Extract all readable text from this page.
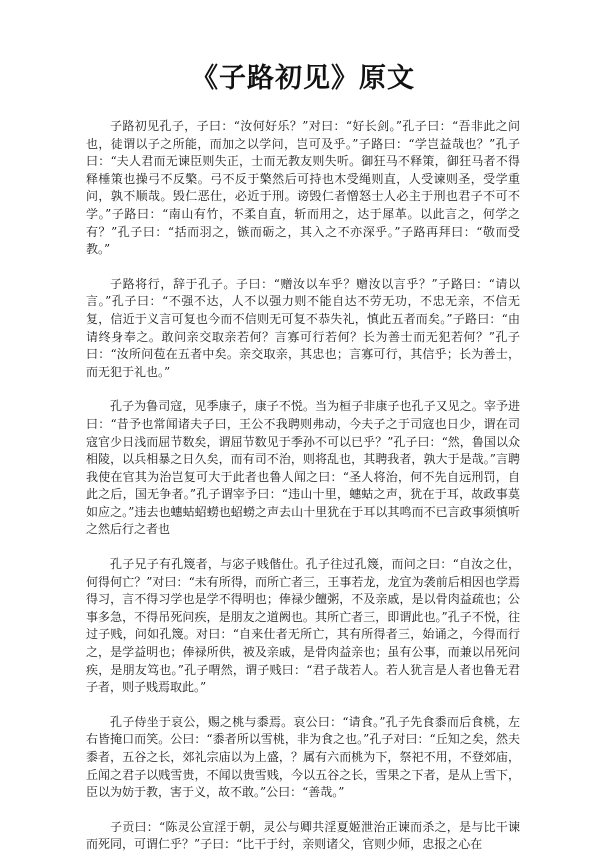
《子路初见》原文

子路初见孔子，子曰：“汝何好乐？”对曰：“好长剑。”孔子曰：“吾非此之问也，徒谓以子之所能，而加之以学问，岂可及乎。”子路曰：“学岂益哉也？”孔子曰：“夫人君而无谏臣则失正，士而无教友则失听。御狂马不释策，御狂马者不得释棰策也操弓不反檠。弓不反于檠然后可持也木受绳则直，人受谏则圣，受学重问，孰不顺哉。毁仁恶仕，必近于刑。谤毁仁者憎怒士人必主于刑也君子不可不学。”子路曰：“南山有竹，不柔自直，斩而用之，达于犀革。以此言之，何学之有？”孔子曰：“括而羽之，镞而砺之，其入之不亦深乎。”子路再拜曰：“敬而受教。”

子路将行，辞于孔子。子曰：“赠汝以车乎？赠汝以言乎？”子路曰：“请以言。”孔子曰：“不强不达，人不以强力则不能自达不劳无功，不忠无亲，不信无复，信近于义言可复也今而不信则无可复不恭失礼，慎此五者而矣。”子路曰：“由请终身奉之。敢问亲交取亲若何？言寡可行若何？长为善士而无犯若何？”孔子曰：“汝所问苞在五者中矣。亲交取亲，其忠也；言寡可行，其信乎；长为善士，而无犯于礼也。”

孔子为鲁司寇，见季康子，康子不悦。当为桓子非康子也孔子又见之。宰予进曰：“昔予也常闻诸夫子曰，王公不我聘则弗动，今夫子之于司寇也日少，谓在司寇官少日浅而屈节数矣，谓屈节数见于季孙不可以已乎？”孔子曰：“然，鲁国以众相陵，以兵相暴之日久矣，而有司不治，则将乱也，其聘我者，孰大于是哉。”言聘我使在官其为治岂复可大于此者也鲁人闻之曰：“圣人将治，何不先自远刑罚，自此之后，国无争者。”孔子谓宰予曰：“违山十里，蟪蛄之声，犹在于耳，故政事莫如应之。”违去也蟪蛄蛁蟧也蛁蟧之声去山十里犹在于耳以其鸣而不已言政事须慎听之然后行之者也

孔子兄子有孔篾者，与宓子贱偕仕。孔子往过孔篾，而问之曰：“自汝之仕，何得何亡？”对曰：“未有所得，而所亡者三，王事若龙，龙宜为袭前后相因也学焉得习，言不得习学也是学不得明也；俸禄少饘粥，不及亲戚，是以骨肉益疏也；公事多急，不得吊死问疾，是朋友之道阙也。其所亡者三，即谓此也。”孔子不悦，往过子贱，问如孔篾。对曰：“自来仕者无所亡，其有所得者三，始诵之，今得而行之，是学益明也；俸禄所供，被及亲戚，是骨肉益亲也；虽有公事，而兼以吊死问疾，是朋友笃也。”孔子喟然，谓子贱曰：“君子哉若人。若人犹言是人者也鲁无君子者，则子贱焉取此。”

孔子侍坐于哀公，赐之桃与黍焉。哀公曰：“请食。”孔子先食黍而后食桃，左右皆掩口而笑。公曰：“黍者所以雪桃，非为食之也。”孔子对曰：“丘知之矣，然夫黍者，五谷之长，郊礼宗庙以为上盛，？属有六而桃为下，祭祀不用，不登郊庙，丘闻之君子以贱雪贵，不闻以贵雪贱，今以五谷之长，雪果之下者，是从上雪下，臣以为妨于教，害于义，故不敢。”公曰：“善哉。”

子贡曰：“陈灵公宣淫于朝，灵公与卿共淫夏姬泄治正谏而杀之，是与比干谏而死同，可谓仁乎？”子曰：“比干于纣，亲则诸父，官则少师，忠报之心在
